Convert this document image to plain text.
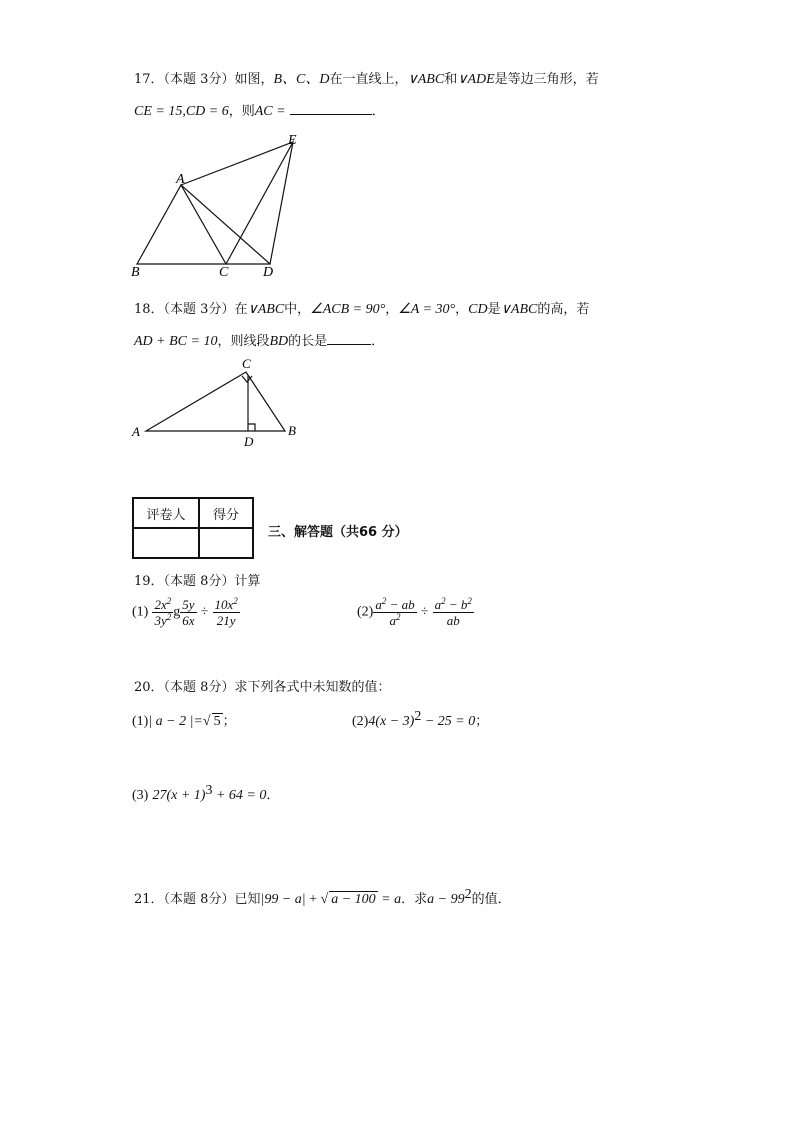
17．（本题 3分）如图，B、C、D在一直线上，∨ABC和∨ADE是等边三角形，若
CE = 15,CD = 6，则AC =	．
A
B	C D
E
18．（本题 3分）在∨ABC中，∠ACB = 90°，∠A = 30°，CD是∨ABC的高，若
AD + BC = 10，则线段BD的长是	．
C
A	B
D
评卷人	得分

三、解答题（共66 分）
19．（本题 8分）计算
$(1) \frac{2x^2}{3y^2}$ g $\frac{5y}{6x} \div \frac{10x^2}{21y}$	$(2) \frac{a^2 - ab}{a^2} \div \frac{a^2 - b^2}{ab}$
20．（本题 8分）求下列各式中未知数的值：
(1)| a − 2 |=√ 5 ；	$(2)4(x - 3)^2 - 25 = 0$；
(3) $27(x + 1)^3 + 64 = 0$．
21．（本题 8分）已知|99 − a| + √ a − 100 = a．求$a - 99^2$的值．
